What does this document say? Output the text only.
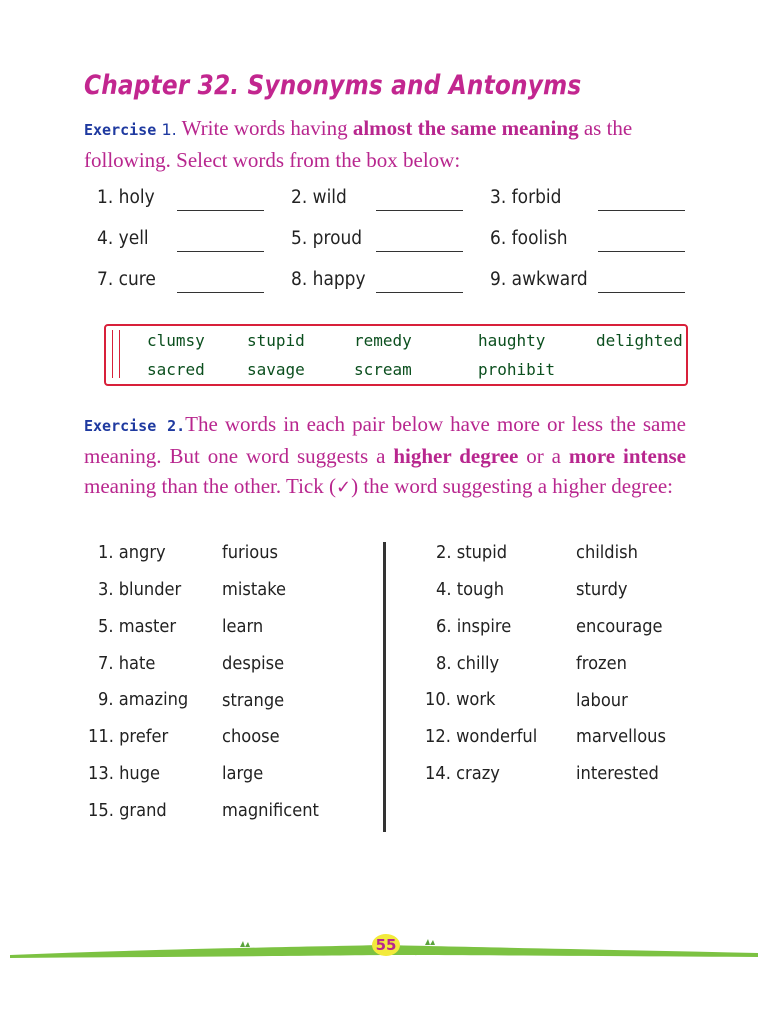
Chapter 32. Synonyms and Antonyms
Exercise 1. Write words having almost the same meaning as the following. Select words from the box below:
1. holy	2. wild	3. forbid
4. yell	5. proud	6. foolish
7. cure	8. happy	9. awkward
clumsy	stupid	remedy	haughty	delighted
sacred	savage	scream	prohibit
Exercise 2.The words in each pair below have more or less the same meaning. But one word suggests a higher degree or a more intense meaning than the other. Tick (✓) the word suggesting a higher degree:
1. angry	furious
3. blunder mistake
5. master	learn
7. hate	despise
9. amazing strange
11. prefer	choose
13. huge	large
15. grand	magnificent
2. stupid	childish
4. tough	sturdy
6. inspire	encourage
8. chilly	frozen
10. work	labour
12. wonderful marvellous
14. crazy	interested
55
